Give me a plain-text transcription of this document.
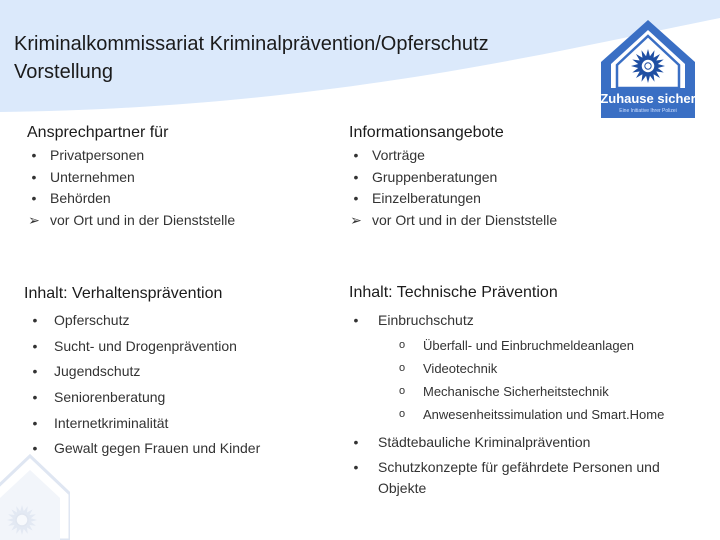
Kriminalkommissariat Kriminalprävention/Opferschutz
Vorstellung
Zuhause sicher
Eine Initiative Ihrer Polizei
Ansprechpartner für
• Privatpersonen
• Unternehmen
• Behörden
➢ vor Ort und in der Dienststelle
Informationsangebote
• Vorträge
• Gruppenberatungen
• Einzelberatungen
➢ vor Ort und in der Dienststelle
Inhalt: Verhaltensprävention
•	Opferschutz
•	Sucht- und Drogenprävention
•	Jugendschutz
•	Seniorenberatung
•	Internetkriminalität
•	Gewalt gegen Frauen und Kinder
Inhalt: Technische Prävention
•	Einbruchschutz
o Überfall- und Einbruchmeldeanlagen
o Videotechnik
o Mechanische Sicherheitstechnik
o Anwesenheitssimulation und Smart.Home
•	Städtebauliche Kriminalprävention
•	Schutzkonzepte für gefährdete Personen und Objekte
